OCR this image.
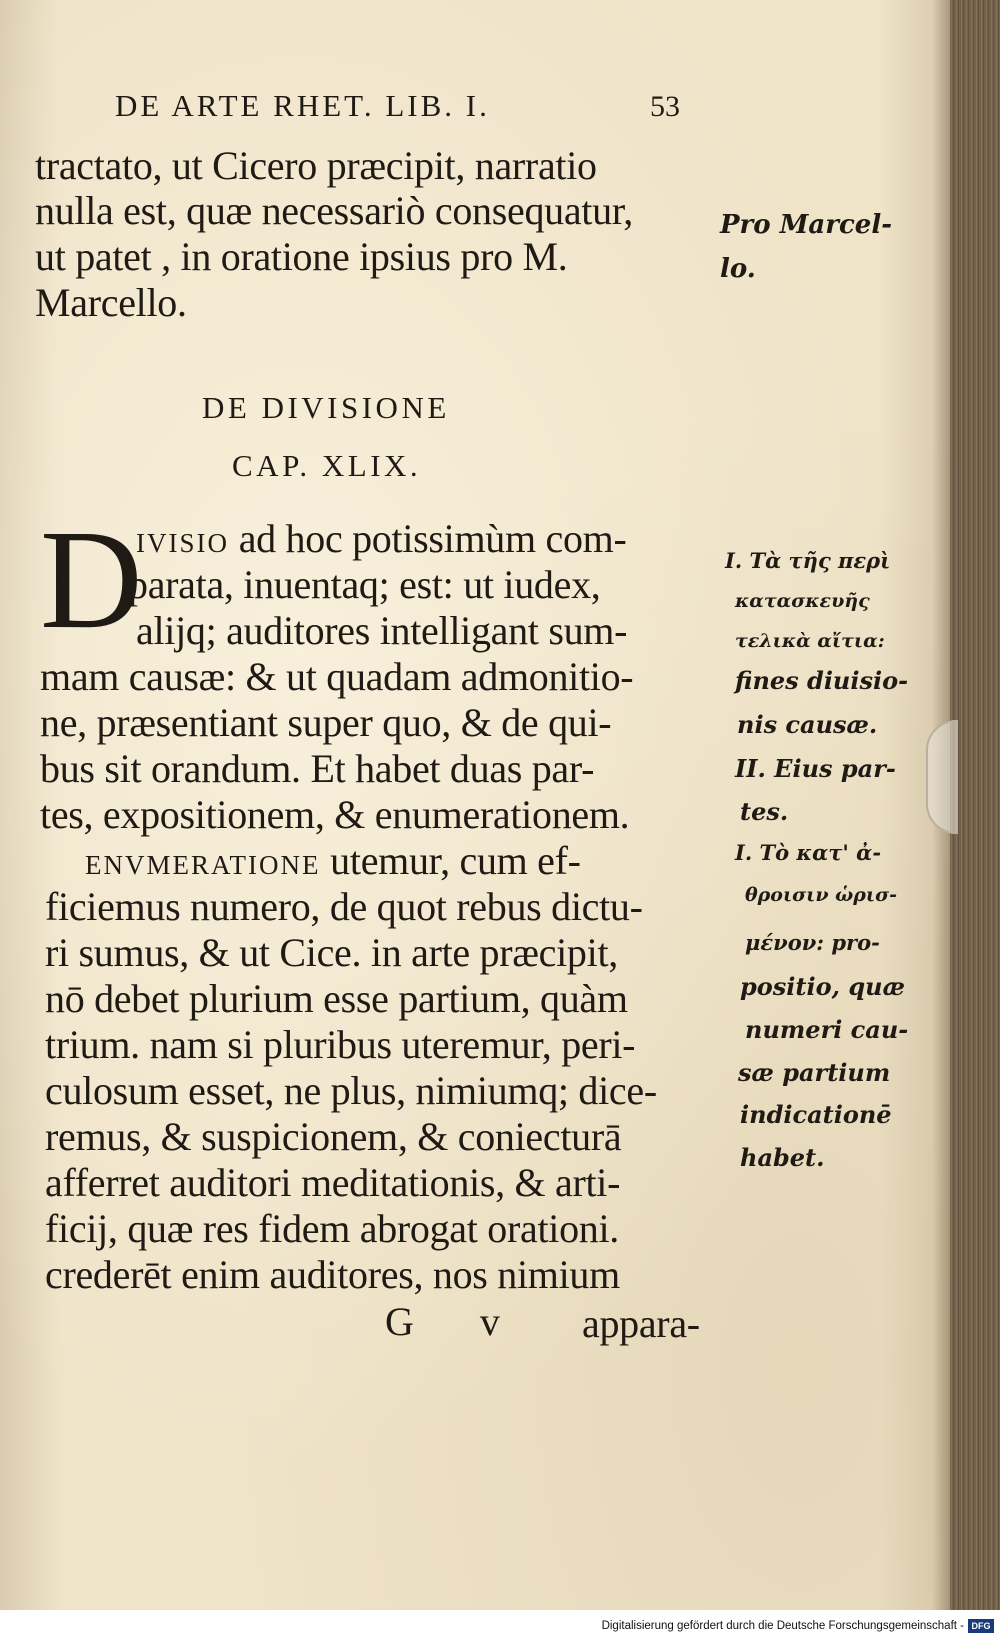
DE ARTE RHET. LIB. I.	53
tractato, ut Cicero præcipit, narratio
nulla est, quæ necessariò consequatur,
ut patet , in oratione ipsius pro M.
Marcello.
Pro Marcel-
lo.
DE DIVISIONE
CAP. XLIX.
D
IVISIO ad hoc potissimùm com-
parata, inuentaq; est: ut iudex,
alijq; auditores intelligant sum-
mam causæ: & ut quadam admonitio-
ne, præsentiant super quo, & de qui-
bus sit orandum. Et habet duas par-
tes, expositionem, & enumerationem.
I. Τὰ τῆς περὶ
κατασκευῆς
τελικὰ αἴτια:
fines diuisio-
nis causæ.
II. Eius par-
tes.
ENVMERATIONE utemur, cum ef-
ficiemus numero, de quot rebus dictu-
ri sumus, & ut Cice. in arte præcipit,
nō debet plurium esse partium, quàm
trium. nam si pluribus uteremur, peri-
culosum esset, ne plus, nimiumq; dice-
remus, & suspicionem, & coniecturā
afferret auditori meditationis, & arti-
ficij, quæ res fidem abrogat orationi.
crederēt enim auditores, nos nimium
I. Τὸ κατ' ἀ-
θροισιν ὡρισ-
μένον: pro-
positio, quæ
numeri cau-
sæ partium
indicationē
habet.
G v appara-
Digitalisierung gefördert durch die Deutsche Forschungsgemeinschaft - DFG
